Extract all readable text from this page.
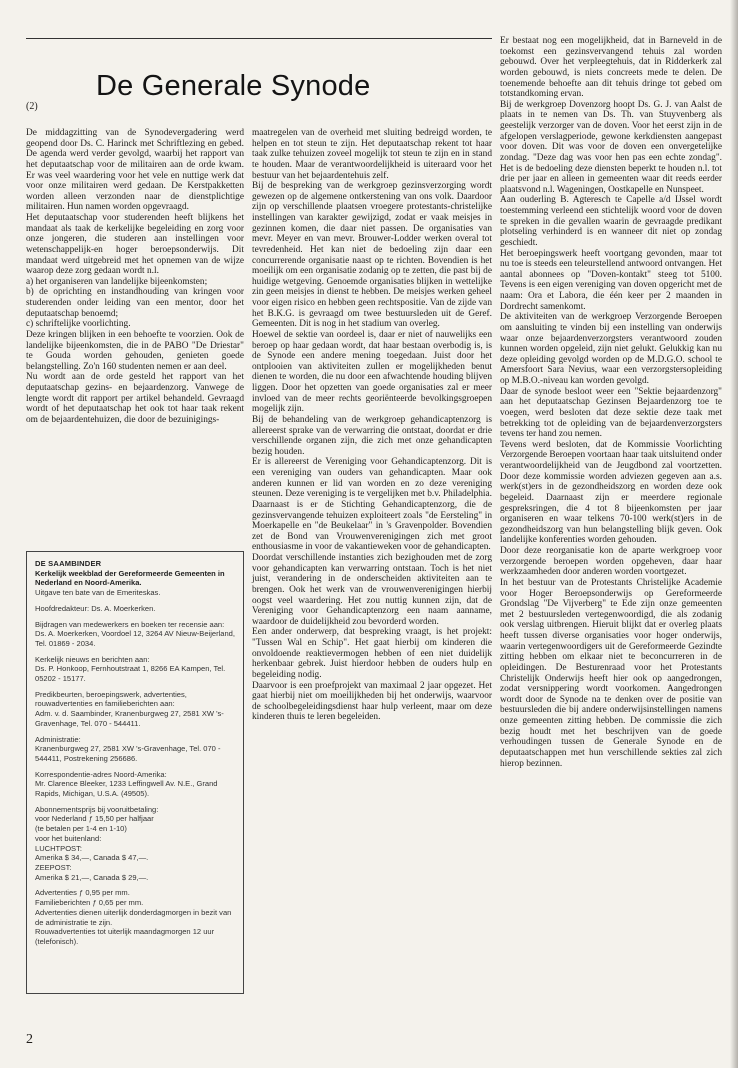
De Generale Synode
(2)

De middagzitting van de Synodevergadering werd geopend door Ds. C. Harinck met Schriftlezing en gebed. De agenda werd verder gevolgd, waarbij het rapport van het deputaatschap voor de militairen aan de orde kwam. Er was veel waardering voor het vele en nuttige werk dat voor onze militairen werd gedaan. De Kerstpakketten worden alleen verzonden naar de dienstplichtige militairen. Hun namen worden opgevraagd.

Het deputaatschap voor studerenden heeft blijkens het mandaat als taak de kerkelijke begeleiding en zorg voor onze jongeren, die studeren aan instellingen voor wetenschappelijk-en hoger beroepsonderwijs. Dit mandaat werd uitgebreid met het opnemen van de wijze waarop deze zorg gedaan wordt n.l.

a) het organiseren van landelijke bijeenkomsten;

b) de oprichting en instandhouding van kringen voor studerenden onder leiding van een mentor, door het deputaatschap benoemd;

c) schriftelijke voorlichting.

Deze kringen blijken in een behoefte te voorzien. Ook de landelijke bijeenkomsten, die in de PABO "De Driestar" te Gouda worden gehouden, genieten goede belangstelling. Zo'n 160 studenten nemen er aan deel.

Nu wordt aan de orde gesteld het rapport van het deputaatschap gezins- en bejaardenzorg. Vanwege de lengte wordt dit rapport per artikel behandeld. Gevraagd wordt of het deputaatschap het ook tot haar taak rekent om de bejaardentehuizen, die door de bezuinigings-

DE SAAMBINDER

Kerkelijk weekblad der Gereformeerde Gemeenten in Nederland en Noord-Amerika.

Uitgave ten bate van de Emeriteskas.

Hoofdredakteur: Ds. A. Moerkerken.

Bijdragen van medewerkers en boeken ter recensie aan:

Ds. A. Moerkerken, Voordoel 12, 3264 AV Nieuw-Beijerland, Tel. 01869 - 2034.

Kerkelijk nieuws en berichten aan:

Ds. P. Honkoop, Fernhoutstraat 1, 8266 EA Kampen, Tel. 05202 - 15177.

Predikbeurten, beroepingswerk, advertenties, rouwadvertenties en familieberichten aan:

Adm. v. d. Saambinder, Kranenburgweg 27, 2581 XW 's-Gravenhage, Tel. 070 - 544411.

Administratie:

Kranenburgweg 27, 2581 XW 's-Gravenhage, Tel. 070 - 544411, Postrekening 256686.

Korrespondentie-adres Noord-Amerika:

Mr. Clarence Bleeker, 1233 Leffingwell Av. N.E., Grand Rapids, Michigan, U.S.A. (49505).

Abonnementsprijs bij vooruitbetaling:

voor Nederland ƒ 15,50 per halfjaar

(te betalen per 1-4 en 1-10)

voor het buitenland:

LUCHTPOST:

Amerika $ 34,—, Canada $ 47,—.

ZEEPOST:

Amerika $ 21,—, Canada $ 29,—.

Advertenties ƒ 0,95 per mm.

Familieberichten ƒ 0,65 per mm.

Advertenties dienen uiterlijk donderdagmorgen in bezit van de administratie te zijn.

Rouwadvertenties tot uiterlijk maandagmorgen 12 uur (telefonisch).

maatregelen van de overheid met sluiting bedreigd worden, te helpen en tot steun te zijn. Het deputaatschap rekent tot haar taak zulke tehuizen zoveel mogelijk tot steun te zijn en in stand te houden. Maar de verantwoordelijkheid is uiteraard voor het bestuur van het bejaardentehuis zelf.

Bij de bespreking van de werkgroep gezinsverzorging wordt gewezen op de algemene ontkerstening van ons volk. Daardoor zijn op verschillende plaatsen vroegere protestants-christelijke instellingen van karakter gewijzigd, zodat er vaak meisjes in gezinnen komen, die daar niet passen. De organisaties van mevr. Meyer en van mevr. Brouwer-Lodder werken overal tot tevredenheid. Het kan niet de bedoeling zijn daar een concurrerende organisatie naast op te richten. Bovendien is het moeilijk om een organisatie zodanig op te zetten, die past bij de huidige wetgeving. Genoemde organisaties blijken in wettelijke zin geen meisjes in dienst te hebben. De meisjes werken geheel voor eigen risico en hebben geen rechtspositie. Van de zijde van het B.K.G. is gevraagd om twee bestuursleden uit de Geref. Gemeenten. Dit is nog in het stadium van overleg.

Hoewel de sektie van oordeel is, daar er niet of nauwelijks een beroep op haar gedaan wordt, dat haar bestaan overbodig is, is de Synode een andere mening toegedaan. Juist door het ontplooien van aktiviteiten zullen er mogelijkheden benut dienen te worden, die nu door een afwachtende houding blijven liggen. Door het opzetten van goede organisaties zal er meer invloed van de meer rechts georiënteerde bevolkingsgroepen mogelijk zijn.

Bij de behandeling van de werkgroep gehandicaptenzorg is allereerst sprake van de verwarring die ontstaat, doordat er drie verschillende organen zijn, die zich met onze gehandicapten bezig houden.

Er is allereerst de Vereniging voor Gehandicaptenzorg. Dit is een vereniging van ouders van gehandicapten. Maar ook anderen kunnen er lid van worden en zo deze vereniging steunen. Deze vereniging is te vergelijken met b.v. Philadelphia.

Daarnaast is er de Stichting Gehandicaptenzorg, die de gezinsvervangende tehuizen exploiteert zoals "de Eersteling" in Moerkapelle en "de Beukelaar" in 's Gravenpolder. Bovendien zet de Bond van Vrouwenverenigingen zich met groot enthousiasme in voor de vakantieweken voor de gehandicapten.

Doordat verschillende instanties zich bezighouden met de zorg voor gehandicapten kan verwarring ontstaan. Toch is het niet juist, verandering in de onderscheiden aktiviteiten aan te brengen. Ook het werk van de vrouwenverenigingen hierbij oogst veel waardering. Het zou nuttig kunnen zijn, dat de Vereniging voor Gehandicaptenzorg een naam aanname, waardoor de duidelijkheid zou bevorderd worden.

Een ander onderwerp, dat bespreking vraagt, is het projekt: "Tussen Wal en Schip". Het gaat hierbij om kinderen die onvoldoende reaktievermogen hebben of een niet duidelijk herkenbaar gebrek. Juist hierdoor hebben de ouders hulp en begeleiding nodig.

Daarvoor is een proefprojekt van maximaal 2 jaar opgezet. Het gaat hierbij niet om moeilijkheden bij het onderwijs, waarvoor de schoolbegeleidingsdienst haar hulp verleent, maar om deze kinderen thuis te leren begeleiden.

Er bestaat nog een mogelijkheid, dat in Barneveld in de toekomst een gezinsvervangend tehuis zal worden gebouwd. Over het verpleegtehuis, dat in Ridderkerk zal worden gebouwd, is niets concreets mede te delen. De toenemende behoefte aan dit tehuis dringe tot gebed om totstandkoming ervan.

Bij de werkgroep Dovenzorg hoopt Ds. G. J. van Aalst de plaats in te nemen van Ds. Th. van Stuyvenberg als geestelijk verzorger van de doven. Voor het eerst zijn in de afgelopen verslagperiode, gewone kerkdiensten aangepast voor doven. Dit was voor de doven een onvergetelijke zondag. "Deze dag was voor hen pas een echte zondag". Het is de bedoeling deze diensten beperkt te houden n.l. tot drie per jaar en alleen in gemeenten waar dit reeds eerder plaatsvond n.l. Wageningen, Oostkapelle en Nunspeet.

Aan ouderling B. Agteresch te Capelle a/d IJssel wordt toestemming verleend een stichtelijk woord voor de doven te spreken in die gevallen waarin de gevraagde predikant plotseling verhinderd is en wanneer dit niet op zondag geschiedt.

Het beroepingswerk heeft voortgang gevonden, maar tot nu toe is steeds een teleurstellend antwoord ontvangen. Het aantal abonnees op "Doven-kontakt" steeg tot 5100. Tevens is een eigen vereniging van doven opgericht met de naam: Ora et Labora, die één keer per 2 maanden in Dordrecht samenkomt.

De aktiviteiten van de werkgroep Verzorgende Beroepen om aansluiting te vinden bij een instelling van onderwijs waar onze bejaardenverzorgsters verantwoord zouden kunnen worden opgeleid, zijn niet gelukt. Gelukkig kan nu deze opleiding gevolgd worden op de M.D.G.O. school te Amersfoort Sara Nevius, waar een verzorgstersopleiding op M.B.O.-niveau kan worden gevolgd.

Daar de synode besloot weer een "Sektie bejaardenzorg" aan het deputaatschap Gezinsen Bejaardenzorg toe te voegen, werd besloten dat deze sektie deze taak met betrekking tot de opleiding van de bejaardenverzorgsters tevens ter hand zou nemen.

Tevens werd besloten, dat de Kommissie Voorlichting Verzorgende Beroepen voortaan haar taak uitsluitend onder verantwoordelijkheid van de Jeugdbond zal voortzetten. Door deze kommissie worden adviezen gegeven aan a.s. werk(st)ers in de gezondheidszorg en worden deze ook begeleid. Daarnaast zijn er meerdere regionale gespreksringen, die 4 tot 8 bijeenkomsten per jaar organiseren en waar telkens 70-100 werk(st)ers in de gezondheidszorg van hun belangstelling blijk geven. Ook landelijke konferenties worden gehouden.

Door deze reorganisatie kon de aparte werkgroep voor verzorgende beroepen worden opgeheven, daar haar werkzaamheden door anderen worden voortgezet.

In het bestuur van de Protestants Christelijke Academie voor Hoger Beroepsonderwijs op Gereformeerde Grondslag "De Vijverberg" te Ede zijn onze gemeenten met 2 bestuursleden vertegenwoordigd, die als zodanig ook verslag uitbrengen. Hieruit blijkt dat er overleg plaats heeft tussen diverse organisaties voor hoger onderwijs, waarin vertegenwoordigers uit de Gereformeerde Gezindte zitting hebben om elkaar niet te beconcurreren in de opleidingen. De Besturenraad voor het Protestants Christelijk Onderwijs heeft hier ook op aangedrongen, zodat versnippering wordt voorkomen. Aangedrongen wordt door de Synode na te denken over de positie van bestuursleden die bij andere onderwijsinstellingen namens onze gemeenten zitting hebben. De commissie die zich bezig houdt met het beschrijven van de goede verhoudingen tussen de Generale Synode en de deputaatschappen met hun verschillende sekties zal zich hierop bezinnen.

2
